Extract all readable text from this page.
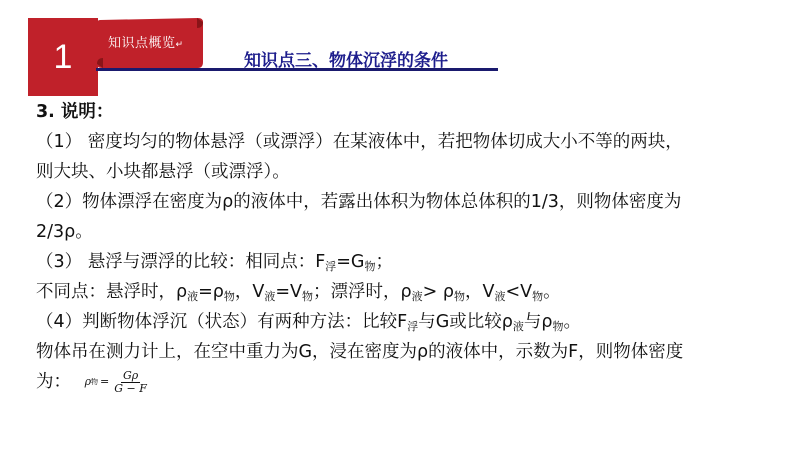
1	知识点概览↵
知识点三、物体沉浮的条件
3. 说明：
（1） 密度均匀的物体悬浮（或漂浮）在某液体中，若把物体切成大小不等的两块，
则大块、小块都悬浮（或漂浮）。
（2）物体漂浮在密度为ρ的液体中，若露出体积为物体总体积的1/3，则物体密度为
2/3ρ。
（3） 悬浮与漂浮的比较：相同点：$F_浮=G_物$；
不同点：悬浮时，$\rho_液=\rho_物$，$V_液=V_物$；漂浮时，$\rho_液> \rho_物$，$V_液<V_物$。
（4）判断物体浮沉（状态）有两种方法：比较$F_浮$与G或比较$\rho_液$与$\rho_物$。
物体吊在测力计上，在空中重力为G，浸在密度为ρ的液体中，示数为F，则物体密度
为： ρ 物 = $\frac{G\rho}{G - F}$
